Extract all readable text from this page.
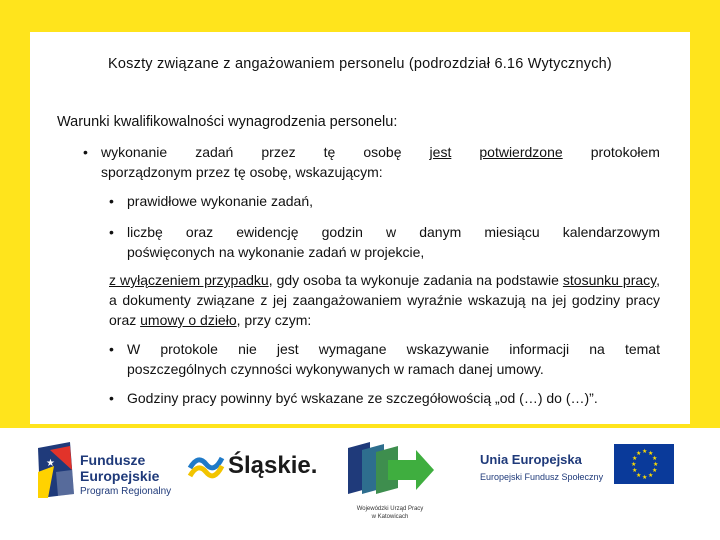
Koszty związane z angażowaniem personelu (podrozdział 6.16 Wytycznych)
Warunki kwalifikowalności wynagrodzenia personelu:
• wykonanie zadań przez tę osobę jest potwierdzone protokołem
sporządzonym przez tę osobę, wskazującym:
• prawidłowe wykonanie zadań,
• liczbę oraz ewidencję godzin w danym miesiącu kalendarzowym
poświęconych na wykonanie zadań w projekcie,
z wyłączeniem przypadku, gdy osoba ta wykonuje zadania na podstawie stosunku pracy, a dokumenty związane z jej zaangażowaniem wyraźnie wskazują na jej godziny pracy oraz umowy o dzieło, przy czym:
• W protokole nie jest wymagane wskazywanie informacji na temat
poszczególnych czynności wykonywanych w ramach danej umowy.
• Godziny pracy powinny być wskazane ze szczegółowością „od (…) do (…)”.
★ Fundusze
Europejskie
Program Regionalny
Śląskie.
Wojewódzki Urząd Pracy
w Katowicach
Unia Europejska
Europejski Fundusz Społeczny
★ ★
★
★
★
★
★
★
★
★
★
★
